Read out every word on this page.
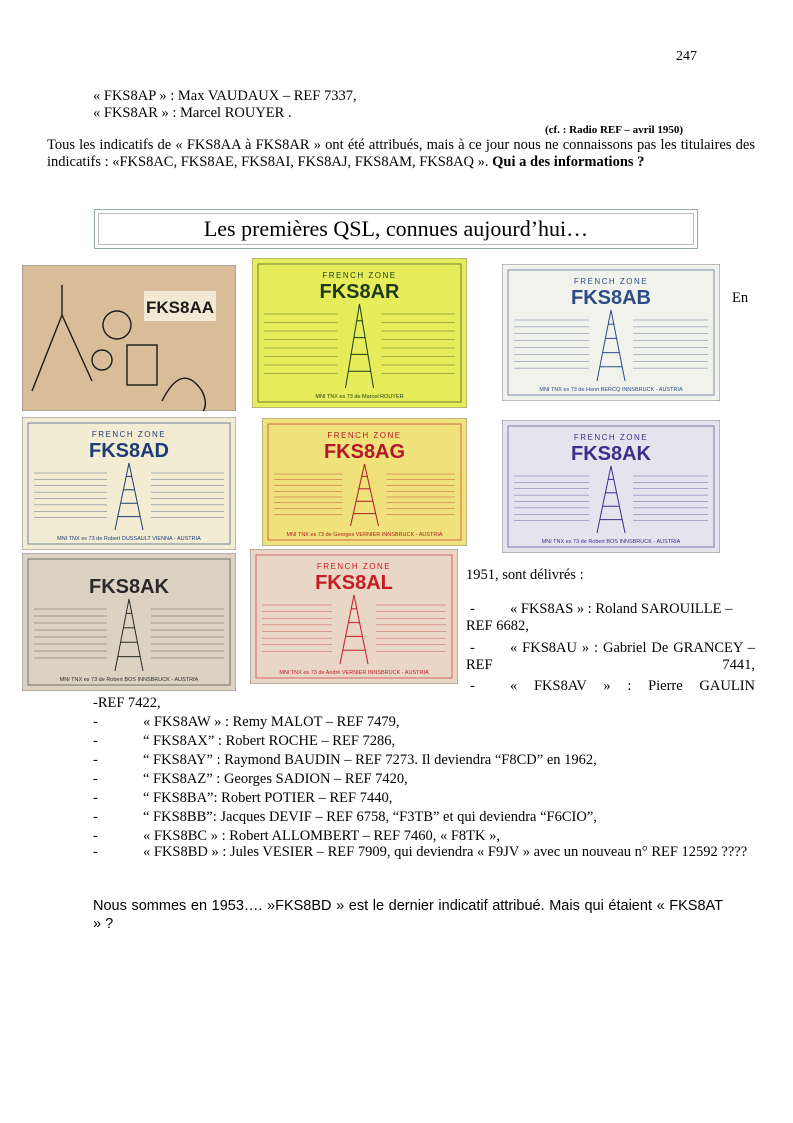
247
« FKS8AP » : Max VAUDAUX – REF 7337,
« FKS8AR » : Marcel ROUYER .
(cf. : Radio REF – avril 1950)
Tous les indicatifs de « FKS8AA à FKS8AR » ont été attribués, mais à ce jour nous ne connaissons pas les titulaires des indicatifs : «FKS8AC, FKS8AE, FKS8AI, FKS8AJ, FKS8AM, FKS8AQ ». Qui a des informations ?
Les premières QSL, connues aujourd’hui…
FKS8AA
FRENCH ZONE
FKS8AR
MNI TNX es 73 de Marcel ROUYER
FRENCH ZONE
FKS8AB
MNI TNX es 73 de Henri BERCQ INNSBRUCK - AUSTRIA
FRENCH ZONE
FKS8AD
MNI TNX es 73 de Robert DUSSAULT VIENNA - AUSTRIA
FRENCH ZONE
FKS8AG
MNI TNX es 73 de Georges VERNIER INNSBRUCK - AUSTRIA
FRENCH ZONE
FKS8AK
MNI TNX es 73 de Robert BOS INNSBRUCK - AUSTRIA
FKS8AK
MNI TNX es 73 de Robert BOS INNSBRUCK - AUSTRIA
FRENCH ZONE
FKS8AL
MNI TNX es 73 de André VERNIER INNSBRUCK - AUSTRIA
En
1951, sont délivrés :
- « FKS8AS » : Roland SAROUILLE – REF 6682,
- « FKS8AU » : Gabriel De GRANCEY – REF 7441,
- « FKS8AV » : Pierre GAULIN
-REF 7422,
-	« FKS8AW » : Remy MALOT – REF 7479,
-	“ FKS8AX” : Robert ROCHE – REF 7286,
-	“ FKS8AY” : Raymond BAUDIN – REF 7273. Il deviendra “F8CD” en 1962,
-	“ FKS8AZ” : Georges SADION – REF 7420,
-	“ FKS8BA”: Robert POTIER – REF 7440,
-	“ FKS8BB”: Jacques DEVIF – REF 6758, “F3TB” et qui deviendra “F6CIO”,
-	« FKS8BC » : Robert ALLOMBERT – REF 7460, « F8TK »,
-	« FKS8BD » : Jules VESIER – REF 7909, qui deviendra « F9JV » avec un nouveau n° REF 12592 ????
Nous sommes en 1953…. »FKS8BD » est le dernier indicatif attribué. Mais qui étaient « FKS8AT » ?
